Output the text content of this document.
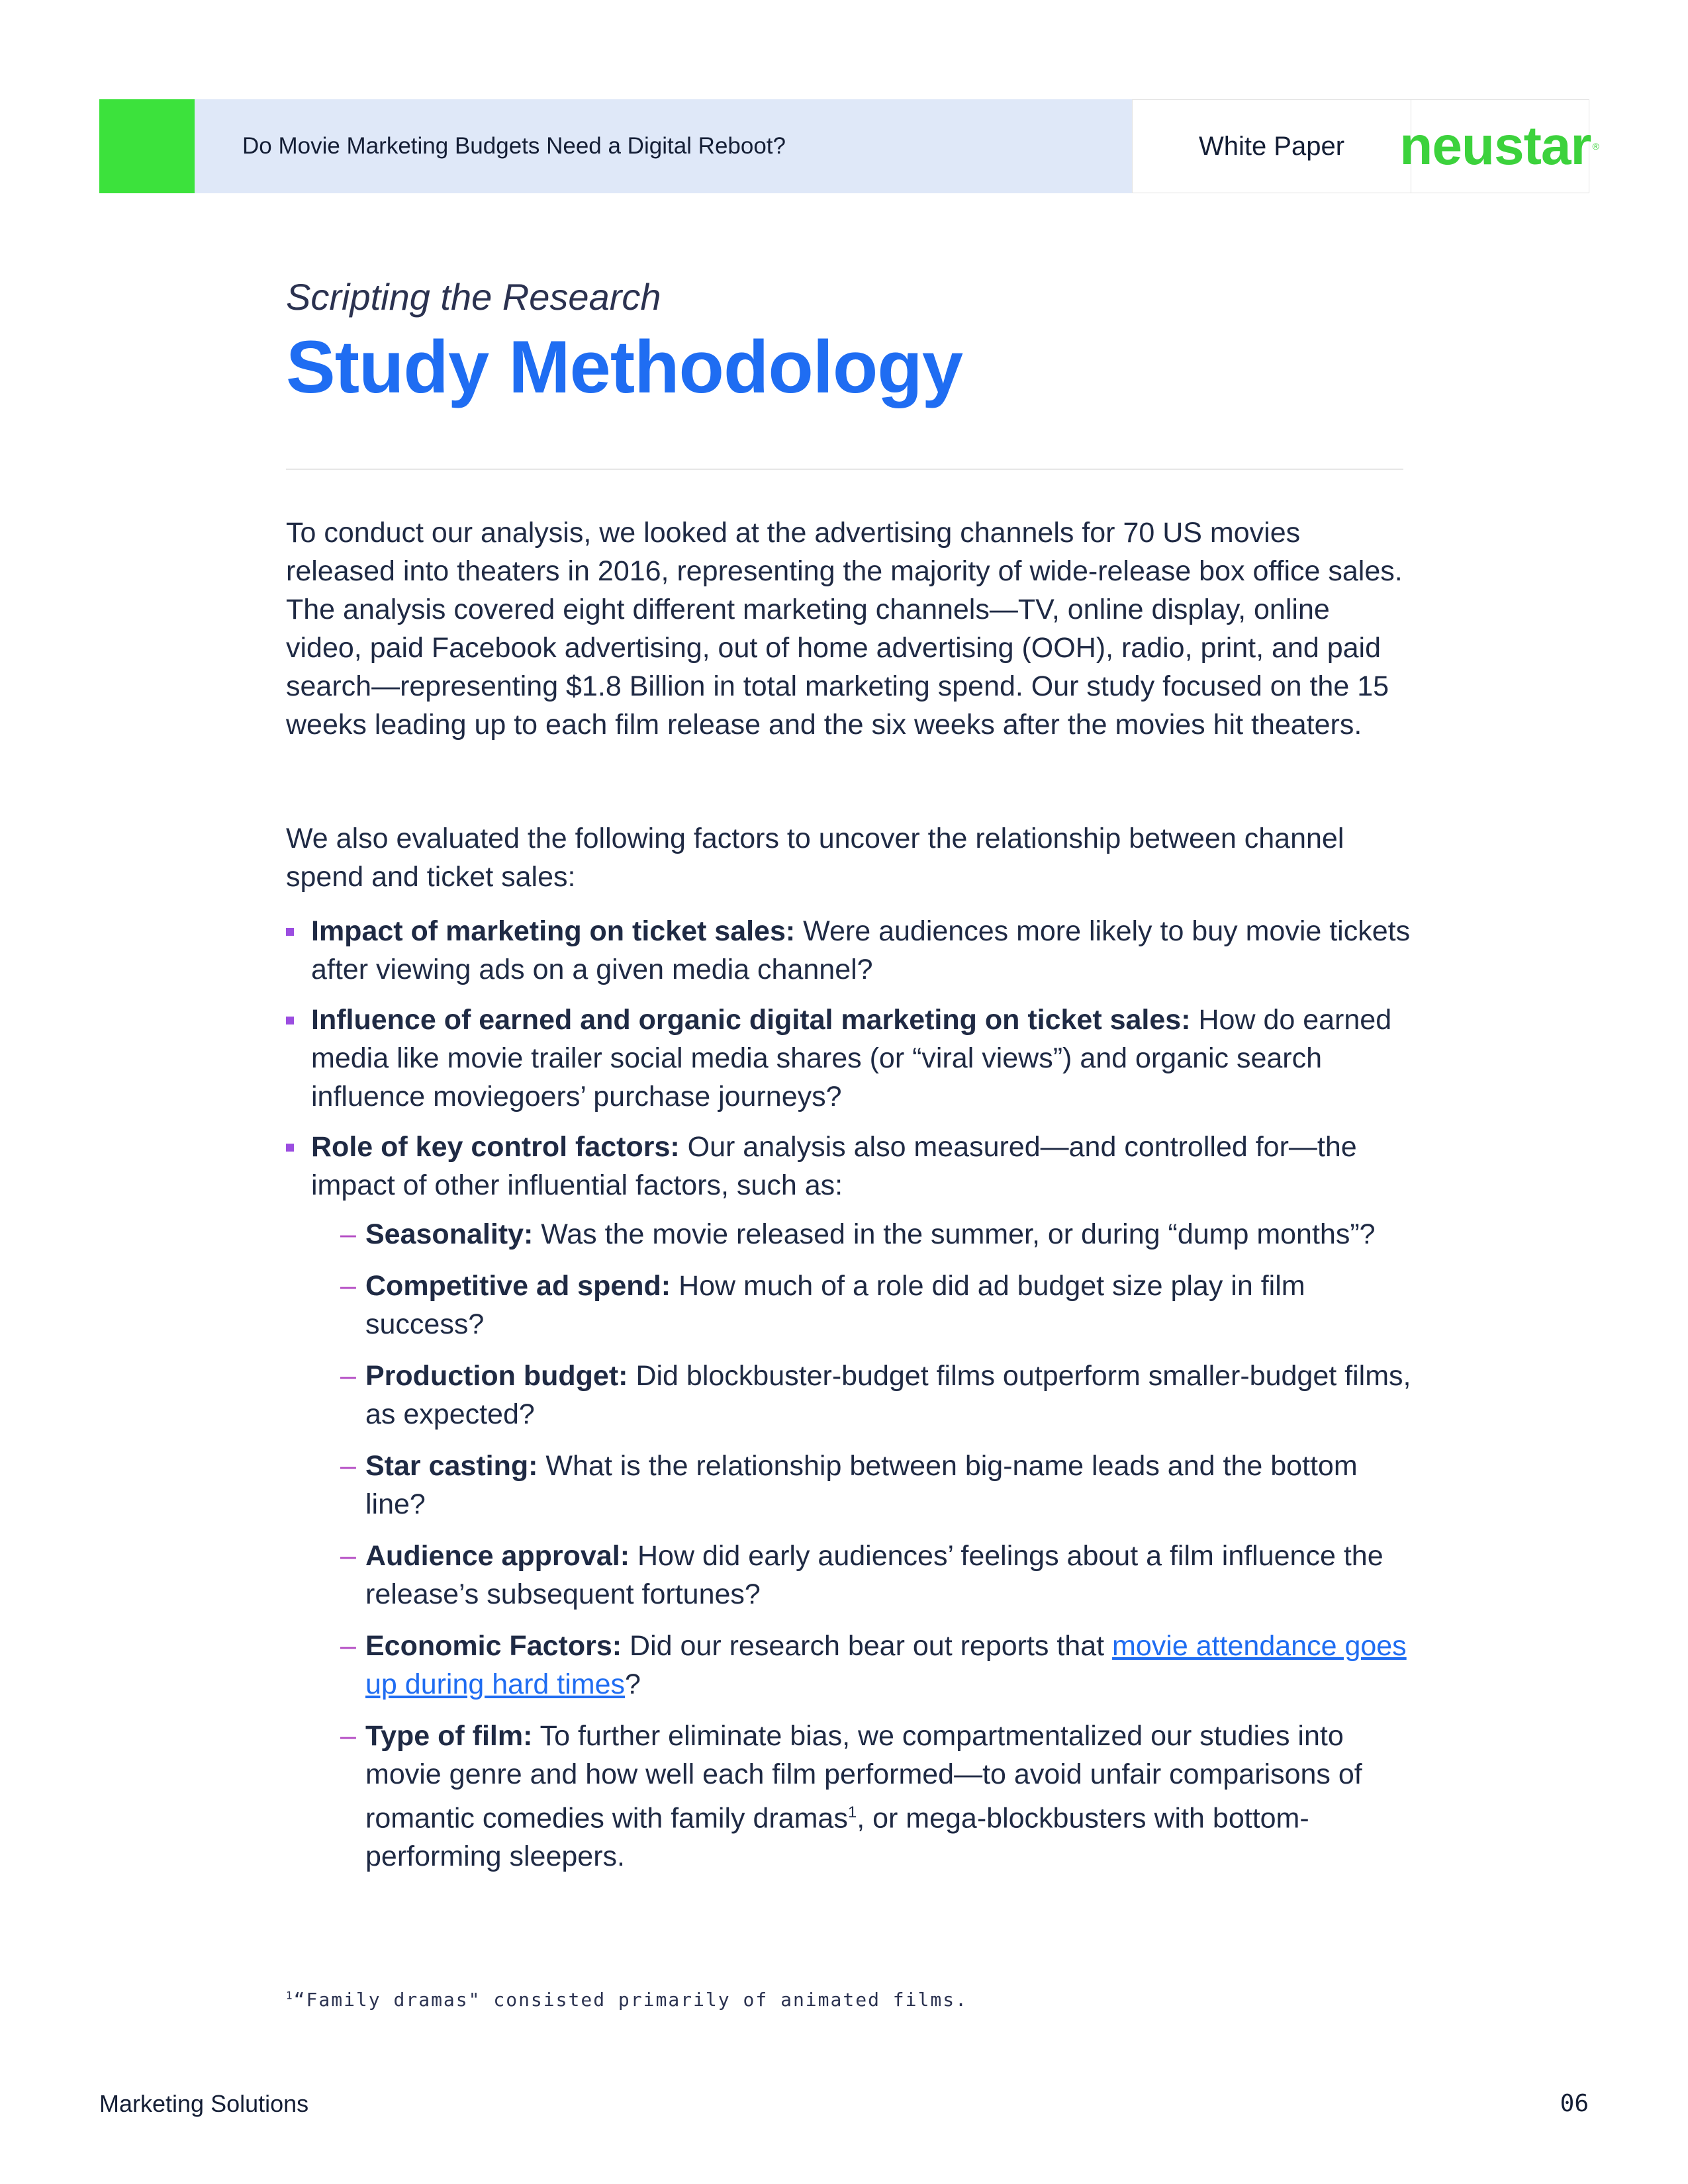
Do Movie Marketing Budgets Need a Digital Reboot?	White Paper	neustar ®
Scripting the Research
Study Methodology
To conduct our analysis, we looked at the advertising channels for 70 US movies released into theaters in 2016, representing the majority of wide-release box office sales. The analysis covered eight different marketing channels—TV, online display, online video, paid Facebook advertising, out of home advertising (OOH), radio, print, and paid search—representing $1.8 Billion in total marketing spend. Our study focused on the 15 weeks leading up to each film release and the six weeks after the movies hit theaters.
We also evaluated the following factors to uncover the relationship between channel spend and ticket sales:
Impact of marketing on ticket sales: Were audiences more likely to buy movie tickets after viewing ads on a given media channel?
Influence of earned and organic digital marketing on ticket sales: How do earned media like movie trailer social media shares (or “viral views”) and organic search influence moviegoers’ purchase journeys?
Role of key control factors: Our analysis also measured—and controlled for—the impact of other influential factors, such as:
– Seasonality: Was the movie released in the summer, or during “dump months”?
– Competitive ad spend: How much of a role did ad budget size play in film success?
– Production budget: Did blockbuster-budget films outperform smaller-budget films, as expected?
– Star casting: What is the relationship between big-name leads and the bottom line?
– Audience approval: How did early audiences’ feelings about a film influence the release’s subsequent fortunes?
– Economic Factors: Did our research bear out reports that movie attendance goes up during hard times?
– Type of film: To further eliminate bias, we compartmentalized our studies into movie genre and how well each film performed—to avoid unfair comparisons of romantic comedies with family dramas$^1$, or mega-blockbusters with bottom-performing sleepers.
$^1$“Family dramas" consisted primarily of animated films.
Marketing Solutions	06
